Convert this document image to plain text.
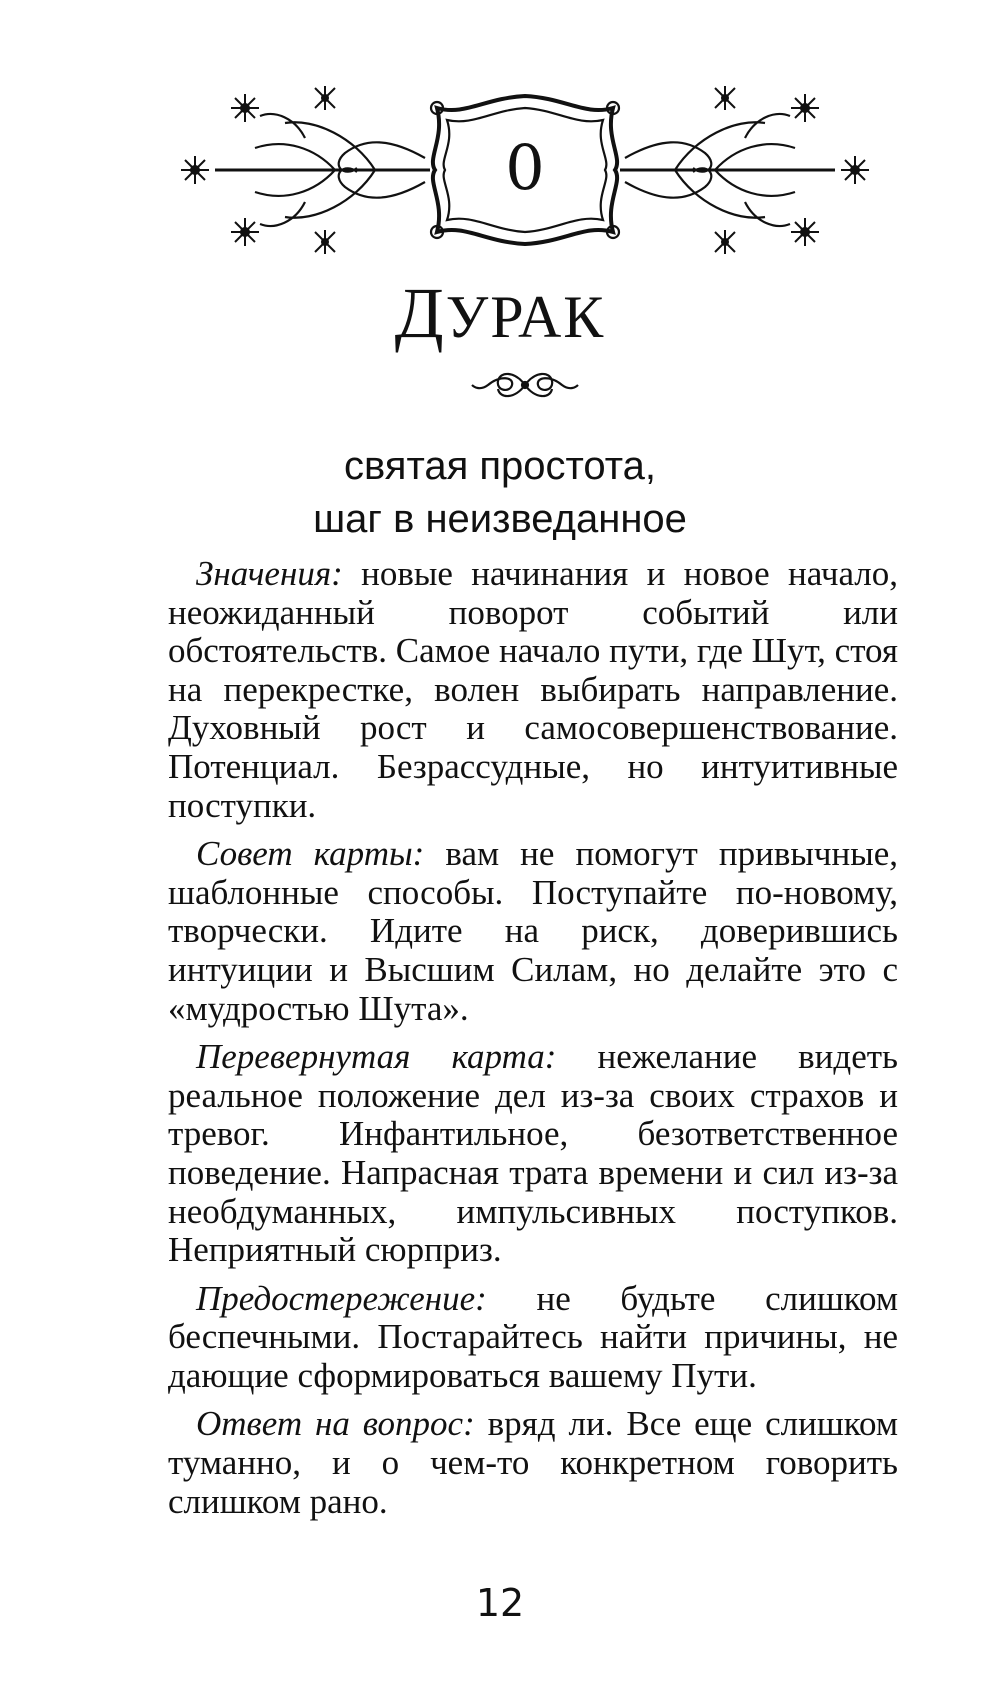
0
ДУРАК
святая простота,
шаг в неизведанное

Значения: новые начинания и новое начало, неожиданный поворот событий или обстоятельств. Самое начало пути, где Шут, стоя на перекрестке, волен выбирать направление. Духовный рост и самосовершенствование. Потенциал. Безрассудные, но интуитивные поступки.

Совет карты: вам не помогут привычные, шаблонные способы. Поступайте по-новому, творчески. Идите на риск, доверившись интуиции и Высшим Силам, но делайте это с «мудростью Шута».

Перевернутая карта: нежелание видеть реальное положение дел из-за своих страхов и тревог. Инфантильное, безответственное поведение. Напрасная трата времени и сил из-за необдуманных, импульсивных поступков. Неприятный сюрприз.

Предостережение: не будьте слишком беспечными. Постарайтесь найти причины, не дающие сформироваться вашему Пути.

Ответ на вопрос: вряд ли. Все еще слишком туманно, и о чем-то конкретном говорить слишком рано.

12
